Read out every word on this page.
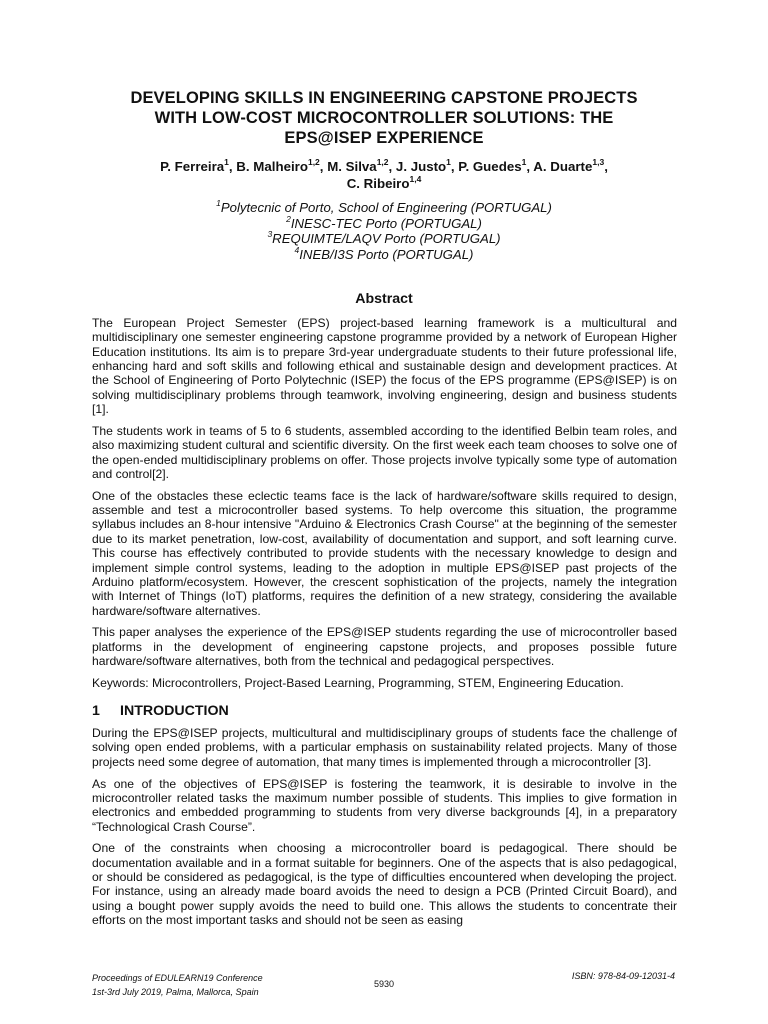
DEVELOPING SKILLS IN ENGINEERING CAPSTONE PROJECTS
WITH LOW-COST MICROCONTROLLER SOLUTIONS: THE
EPS@ISEP EXPERIENCE
P. Ferreira$^1$, B. Malheiro$^{1,2}$, M. Silva$^{1,2}$, J. Justo$^1$, P. Guedes$^1$, A. Duarte$^{1,3}$,
C. Ribeiro$^{1,4}$
$^1$Polytecnic of Porto, School of Engineering (PORTUGAL)
$^2$INESC-TEC Porto (PORTUGAL)
$^3$REQUIMTE/LAQV Porto (PORTUGAL)
$^4$INEB/I3S Porto (PORTUGAL)
Abstract

The European Project Semester (EPS) project-based learning framework is a multicultural and multidisciplinary one semester engineering capstone programme provided by a network of European Higher Education institutions. Its aim is to prepare 3rd-year undergraduate students to their future professional life, enhancing hard and soft skills and following ethical and sustainable design and development practices. At the School of Engineering of Porto Polytechnic (ISEP) the focus of the EPS programme (EPS@ISEP) is on solving multidisciplinary problems through teamwork, involving engineering, design and business students [1].

The students work in teams of 5 to 6 students, assembled according to the identified Belbin team roles, and also maximizing student cultural and scientific diversity. On the first week each team chooses to solve one of the open-ended multidisciplinary problems on offer. Those projects involve typically some type of automation and control[2].

One of the obstacles these eclectic teams face is the lack of hardware/software skills required to design, assemble and test a microcontroller based systems. To help overcome this situation, the programme syllabus includes an 8-hour intensive "Arduino & Electronics Crash Course" at the beginning of the semester due to its market penetration, low-cost, availability of documentation and support, and soft learning curve. This course has effectively contributed to provide students with the necessary knowledge to design and implement simple control systems, leading to the adoption in multiple EPS@ISEP past projects of the Arduino platform/ecosystem. However, the crescent sophistication of the projects, namely the integration with Internet of Things (IoT) platforms, requires the definition of a new strategy, considering the available hardware/software alternatives.

This paper analyses the experience of the EPS@ISEP students regarding the use of microcontroller based platforms in the development of engineering capstone projects, and proposes possible future hardware/software alternatives, both from the technical and pedagogical perspectives.

Keywords: Microcontrollers, Project-Based Learning, Programming, STEM, Engineering Education.

1 INTRODUCTION

During the EPS@ISEP projects, multicultural and multidisciplinary groups of students face the challenge of solving open ended problems, with a particular emphasis on sustainability related projects. Many of those projects need some degree of automation, that many times is implemented through a microcontroller [3].

As one of the objectives of EPS@ISEP is fostering the teamwork, it is desirable to involve in the microcontroller related tasks the maximum number possible of students. This implies to give formation in electronics and embedded programming to students from very diverse backgrounds [4], in a preparatory “Technological Crash Course”.

One of the constraints when choosing a microcontroller board is pedagogical. There should be documentation available and in a format suitable for beginners. One of the aspects that is also pedagogical, or should be considered as pedagogical, is the type of difficulties encountered when developing the project. For instance, using an already made board avoids the need to design a PCB (Printed Circuit Board), and using a bought power supply avoids the need to build one. This allows the students to concentrate their efforts on the most important tasks and should not be seen as easing

Proceedings of EDULEARN19 Conference
1st-3rd July 2019, Palma, Mallorca, Spain
5930
ISBN: 978-84-09-12031-4
